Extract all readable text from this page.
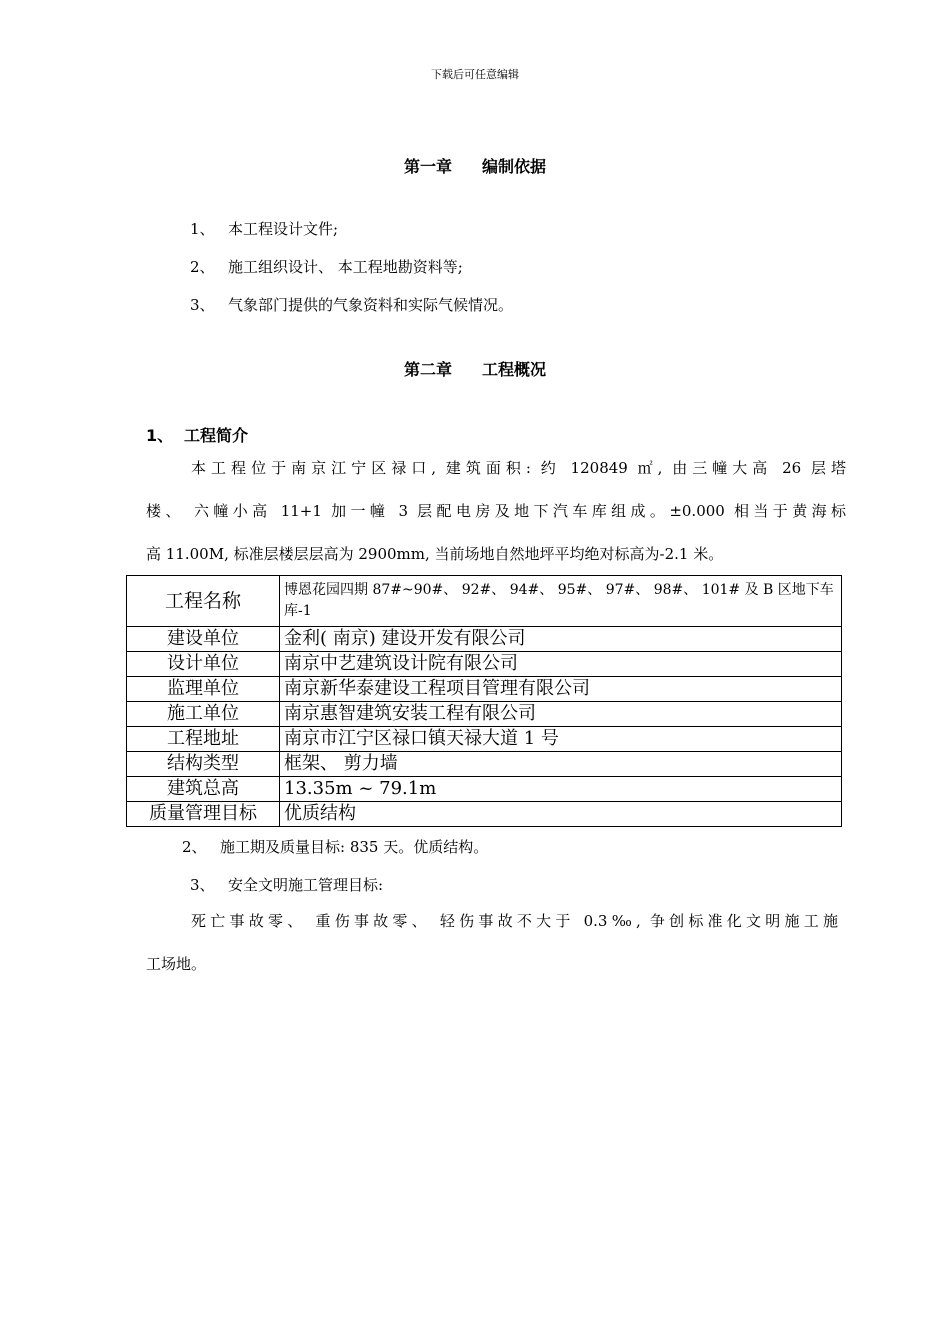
下载后可任意编辑
第一章 编制依据
1、 本工程设计文件;
2、 施工组织设计、 本工程地勘资料等;
3、 气象部门提供的气象资料和实际气候情况。
第二章 工程概况
1、 工程简介
本工程位于南京江宁区禄口, 建筑面积: 约 120849 ㎡, 由三幢大高 26 层塔
楼、 六幢小高 11+1 加一幢 3 层配电房及地下汽车库组成。±0.000 相当于黄海标
高 11.00M, 标准层楼层层高为 2900mm, 当前场地自然地坪平均绝对标高为-2.1 米。
工程名称	博恩花园四期 87#~90#、 92#、 94#、 95#、 97#、 98#、 101# 及 B 区地下车库-1
建设单位	金利( 南京) 建设开发有限公司
设计单位	南京中艺建筑设计院有限公司
监理单位	南京新华泰建设工程项目管理有限公司
施工单位	南京惠智建筑安装工程有限公司
工程地址	南京市江宁区禄口镇天禄大道 1 号
结构类型	框架、 剪力墙
建筑总高	13.35m ~ 79.1m
质量管理目标	优质结构
2、 施工期及质量目标: 835 天。优质结构。
3、 安全文明施工管理目标:
死亡事故零、 重伤事故零、 轻伤事故不大于 0.3‰, 争创标准化文明施工施
工场地。
